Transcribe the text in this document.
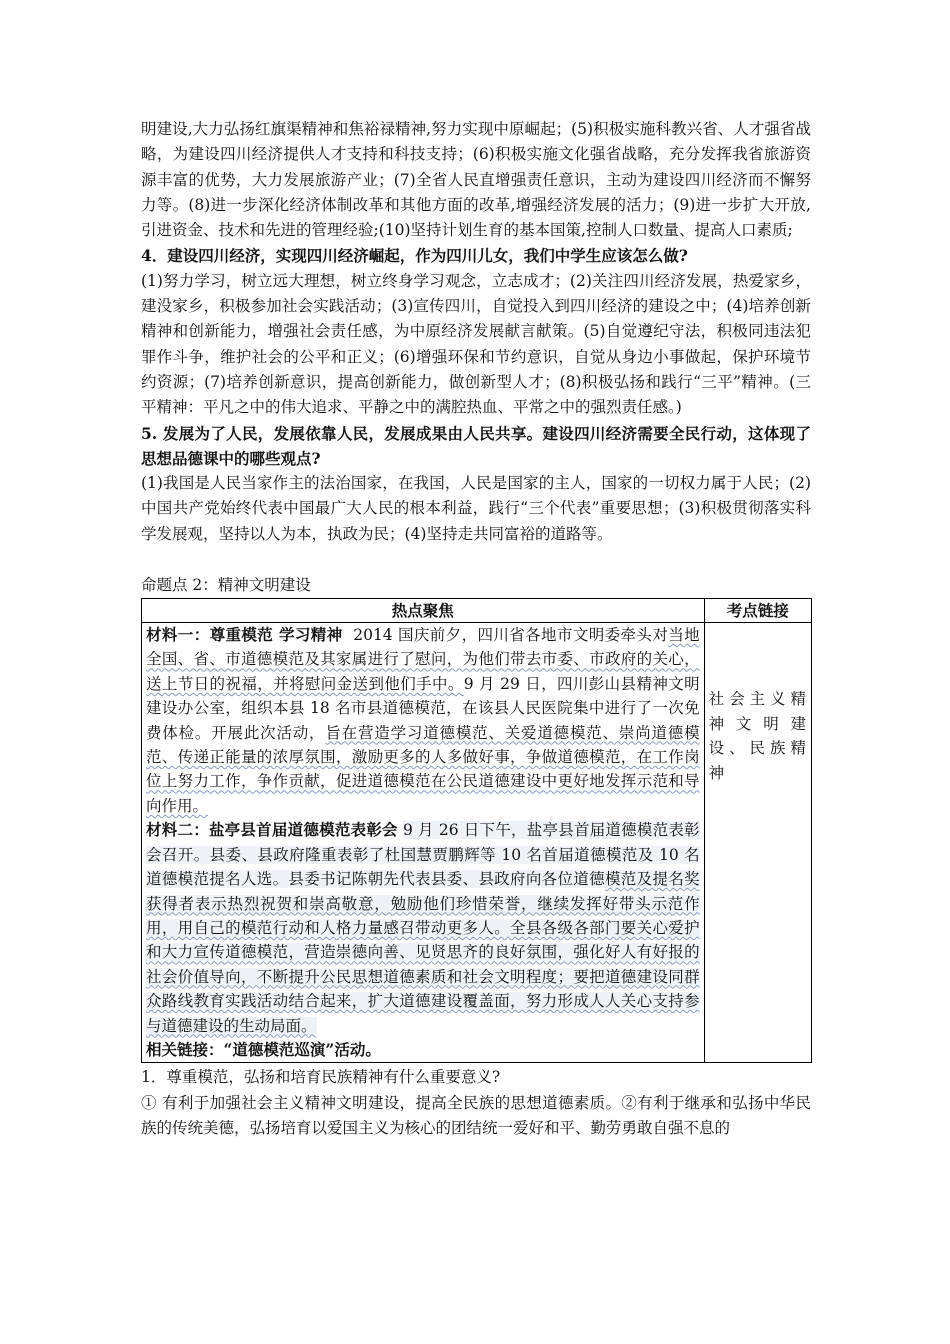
明建设,大力弘扬红旗渠精神和焦裕禄精神,努力实现中原崛起；(5)积极实施科教兴省、人才强省战略，为建设四川经济提供人才支持和科技支持；(6)积极实施文化强省战略，充分发挥我省旅游资源丰富的优势，大力发展旅游产业；(7)全省人民直增强责任意识，主动为建设四川经济而不懈努力等。(8)进一步深化经济体制改革和其他方面的改革,增强经济发展的活力；(9)进一步扩大开放,引进资金、技术和先进的管理经验;(10)坚持计划生育的基本国策,控制人口数量、提高人口素质;

4．建设四川经济，实现四川经济崛起，作为四川儿女，我们中学生应该怎么做?

(1)努力学习，树立远大理想，树立终身学习观念，立志成才；(2)关注四川经济发展，热爱家乡，建没家乡，积极参加社会实践活动；(3)宣传四川，自觉投入到四川经济的建设之中；(4)培养创新精神和创新能力，增强社会责任感，为中原经济发展献言献策。(5)自觉遵纪守法，积极同违法犯罪作斗争，维护社会的公平和正义；(6)增强环保和节约意识，自觉从身边小事做起，保护环境节约资源；(7)培养创新意识，提高创新能力，做创新型人才；(8)积极弘扬和践行“三平”精神。(三平精神：平凡之中的伟大追求、平静之中的满腔热血、平常之中的强烈责任感。)

5. 发展为了人民，发展依靠人民，发展成果由人民共享。建设四川经济需要全民行动，这体现了思想品德课中的哪些观点?

(1)我国是人民当家作主的法治国家，在我国，人民是国家的主人，国家的一切权力属于人民；(2)中国共产党始终代表中国最广大人民的根本利益，践行“三个代表”重要思想；(3)积极贯彻落实科学发展观，坚持以人为本，执政为民；(4)坚持走共同富裕的道路等。

命题点 2：精神文明建设

热点聚焦	考点链接

材料一：尊重模范 学习精神 2014 国庆前夕，四川省各地市文明委牵头对当地全国、省、市道德模范及其家属进行了慰问，为他们带去市委、市政府的关心，送上节日的祝福，并将慰问金送到他们手中。9 月 29 日，四川彭山县精神文明建设办公室，组织本县 18 名市县道德模范，在该县人民医院集中进行了一次免费体检。开展此次活动，旨在营造学习道德模范、关爱道德模范、崇尚道德模范、传递正能量的浓厚氛围，激励更多的人多做好事，争做道德模范，在工作岗位上努力工作，争作贡献，促进道德模范在公民道德建设中更好地发挥示范和导向作用。

材料二：盐亭县首届道德模范表彰会 9 月 26 日下午，盐亭县首届道德模范表彰会召开。县委、县政府隆重表彰了杜国慧贾鹏辉等 10 名首届道德模范及 10 名道德模范提名人选。县委书记陈朝先代表县委、县政府向各位道德模范及提名奖获得者表示热烈祝贺和崇高敬意，勉励他们珍惜荣誉，继续发挥好带头示范作用，用自己的模范行动和人格力量感召带动更多人。全县各级各部门要关心爱护和大力宣传道德模范，营造崇德向善、见贤思齐的良好氛围，强化好人有好报的社会价值导向，不断提升公民思想道德素质和社会文明程度；要把道德建设同群众路线教育实践活动结合起来，扩大道德建设覆盖面，努力形成人人关心支持参与道德建设的生动局面。

相关链接：“道德模范巡演”活动。	社会主义精神文明建设、民族精神

1．尊重模范，弘扬和培育民族精神有什么重要意义?

① 有利于加强社会主义精神文明建设，提高全民族的思想道德素质。②有利于继承和弘扬中华民族的传统美德，弘扬培育以爱国主义为核心的团结统一爱好和平、勤劳勇敢自强不息的
